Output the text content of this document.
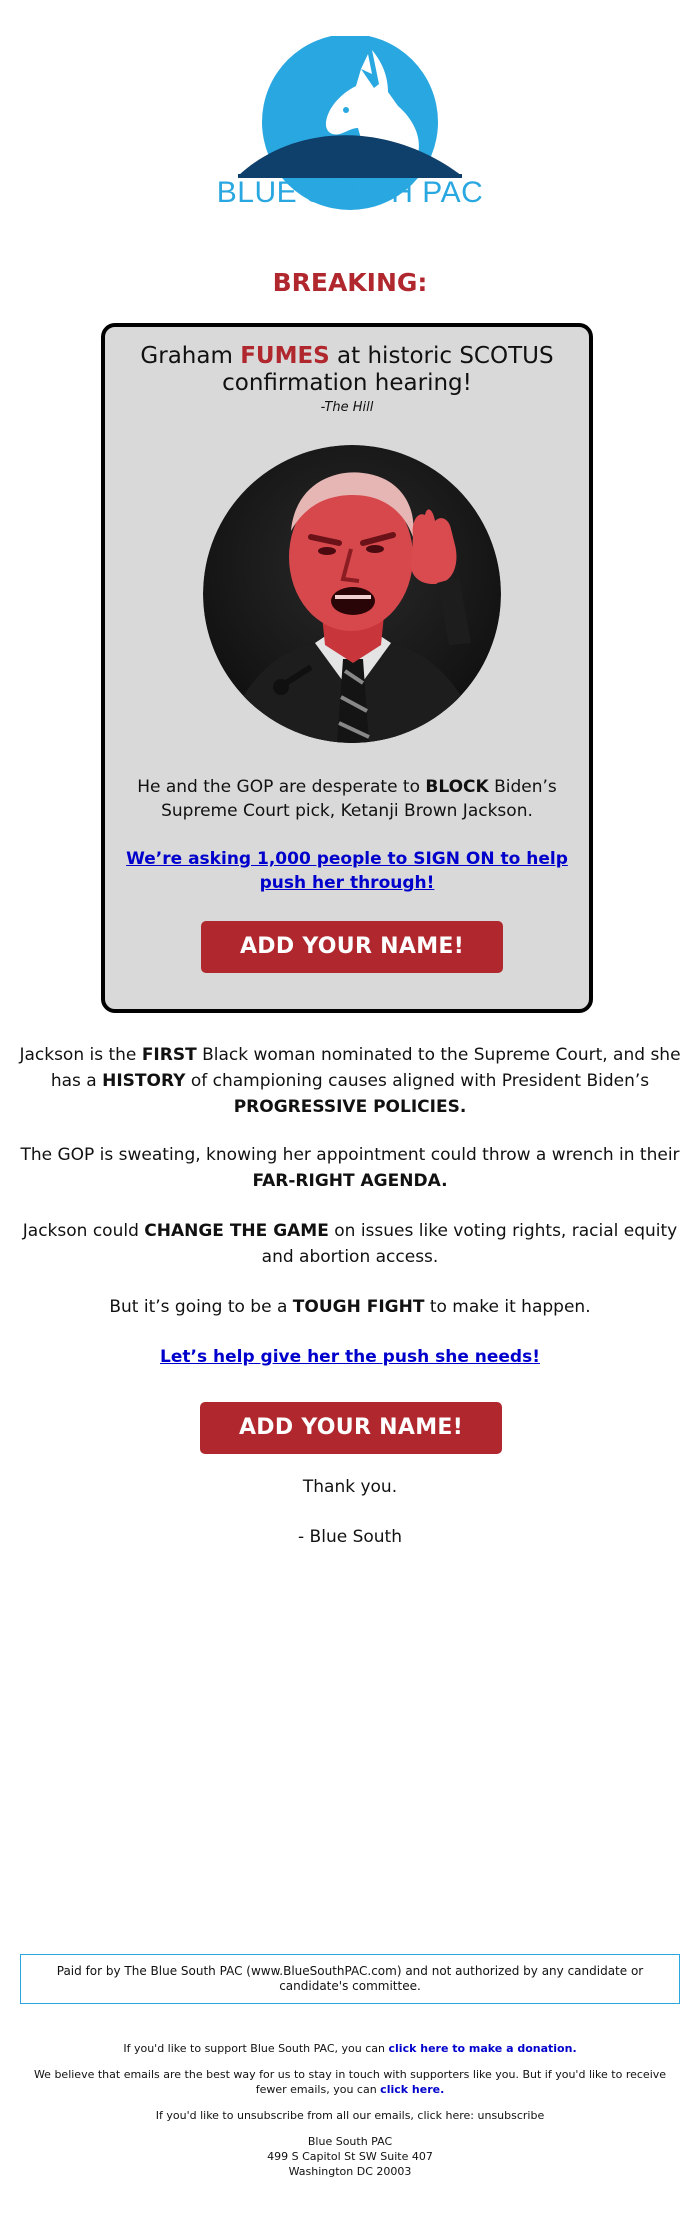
BLUE SOUTH PAC
BREAKING:
Graham FUMES at historic SCOTUS confirmation hearing!
-The Hill
He and the GOP are desperate to BLOCK Biden’s Supreme Court pick, Ketanji Brown Jackson.
We’re asking 1,000 people to SIGN ON to help push her through!
ADD YOUR NAME!
Jackson is the FIRST Black woman nominated to the Supreme Court, and she has a HISTORY of championing causes aligned with President Biden’s PROGRESSIVE POLICIES.
The GOP is sweating, knowing her appointment could throw a wrench in their FAR-RIGHT AGENDA.
Jackson could CHANGE THE GAME on issues like voting rights, racial equity and abortion access.
But it’s going to be a TOUGH FIGHT to make it happen.
Let’s help give her the push she needs!
ADD YOUR NAME!
Thank you.
- Blue South
Paid for by The Blue South PAC (www.BlueSouthPAC.com) and not authorized by any candidate or candidate's committee.
If you'd like to support Blue South PAC, you can click here to make a donation.
We believe that emails are the best way for us to stay in touch with supporters like you. But if you'd like to receive fewer emails, you can click here.
If you'd like to unsubscribe from all our emails, click here: unsubscribe
Blue South PAC
499 S Capitol St SW Suite 407
Washington DC 20003
